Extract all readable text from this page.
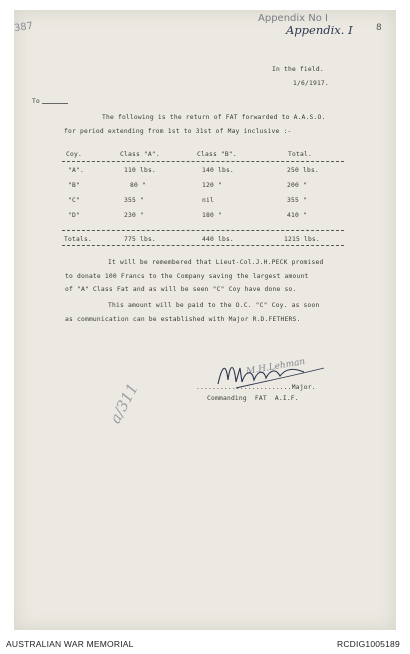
387
Appendix No I
Appendix. I	8
In the field.
1/6/1917.
To
The following is the return of FAT forwarded to A.A.S.O.
for period extending from 1st to 31st of May inclusive :-
Coy.	Class "A".	Class "B".	Total.
"A".	110 lbs.	140 lbs.	250 lbs.
"B"	80 "	120 "	200 "
"C"	355 "	nil	355 "
"D"	230 "	180 "	410 "
Totals.	775 lbs.	440 lbs.	1215 lbs.
It will be remembered that Lieut-Col.J.H.PECK promised
to donate 100 Francs to the Company saving the largest amount
of "A" Class Fat and as will be seen "C" Coy have done so.
This amount will be paid to the O.C. "C" Coy. as soon
as communication can be established with Major R.D.FETHERS.
M.H.Lehman
........................Major.
Commanding  FAT  A.I.F.
a/311
AUSTRALIAN WAR MEMORIAL	RCDIG1005189
